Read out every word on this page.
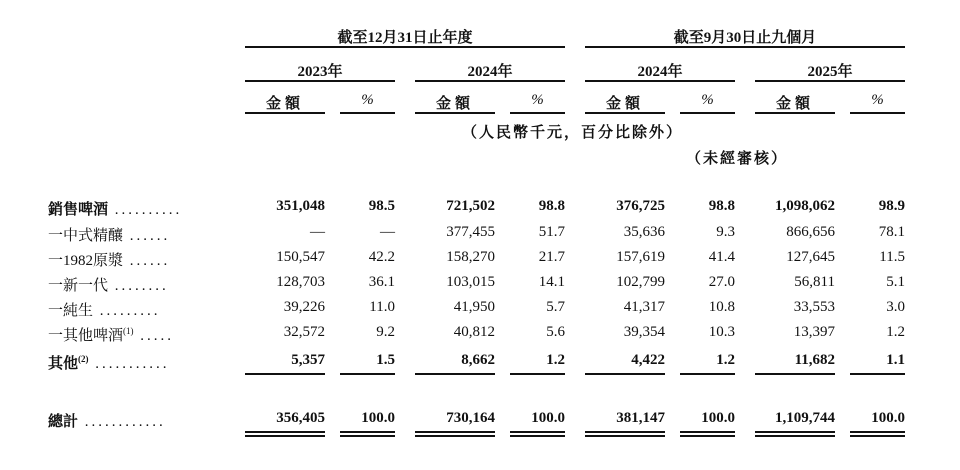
截至12月31日止年度	截至9月30日止九個月
2023年	2024年	2024年	2025年
金額	%	金額	%	金額	%	金額	%
（人民幣千元，百分比除外）
（未經審核）
銷售啤酒 ..........	351,048	98.5	721,502	98.8	376,725	98.8	1,098,062	98.9
一中式精釀 ......	—	—	377,455	51.7	35,636	9.3	866,656	78.1
一1982原漿 ......	150,547	42.2	158,270	21.7	157,619	41.4	127,645	11.5
一新一代 ........	128,703	36.1	103,015	14.1	102,799	27.0	56,811	5.1
一純生 .........	39,226	11.0	41,950	5.7	41,317	10.8	33,553	3.0
一其他啤酒$^{(1)}$ .....	32,572	9.2	40,812	5.6	39,354	10.3	13,397	1.2
其他$^{(2)}$ ...........	5,357	1.5	8,662	1.2	4,422	1.2	11,682	1.1
總計 ............	356,405	100.0	730,164	100.0	381,147	100.0	1,109,744	100.0
